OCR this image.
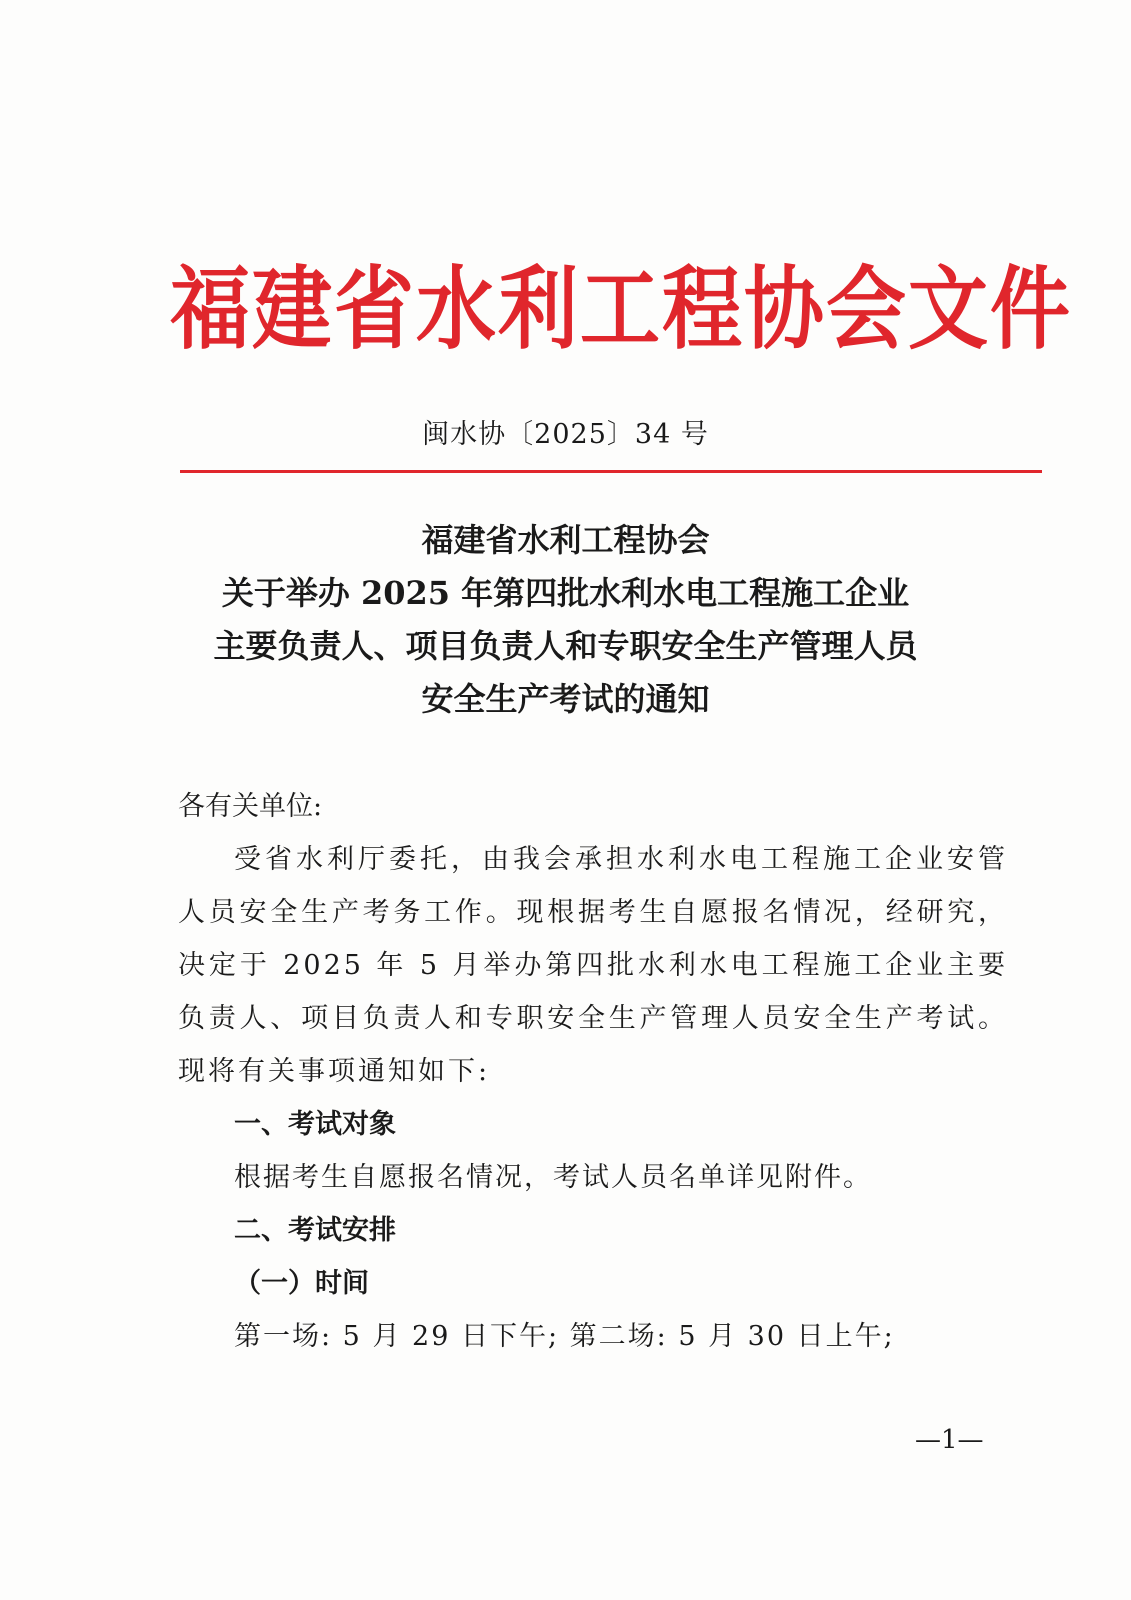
福建省水利工程协会文件
闽水协〔2025〕34 号
福建省水利工程协会
关于举办 2025 年第四批水利水电工程施工企业
主要负责人、项目负责人和专职安全生产管理人员
安全生产考试的通知
各有关单位:
受省水利厅委托，由我会承担水利水电工程施工企业安管人员安全生产考务工作。现根据考生自愿报名情况，经研究，决定于 2025 年 5 月举办第四批水利水电工程施工企业主要负责人、项目负责人和专职安全生产管理人员安全生产考试。现将有关事项通知如下:
一、考试对象
根据考生自愿报名情况，考试人员名单详见附件。
二、考试安排
（一）时间
第一场: 5 月 29 日下午; 第二场: 5 月 30 日上午;
—1—
